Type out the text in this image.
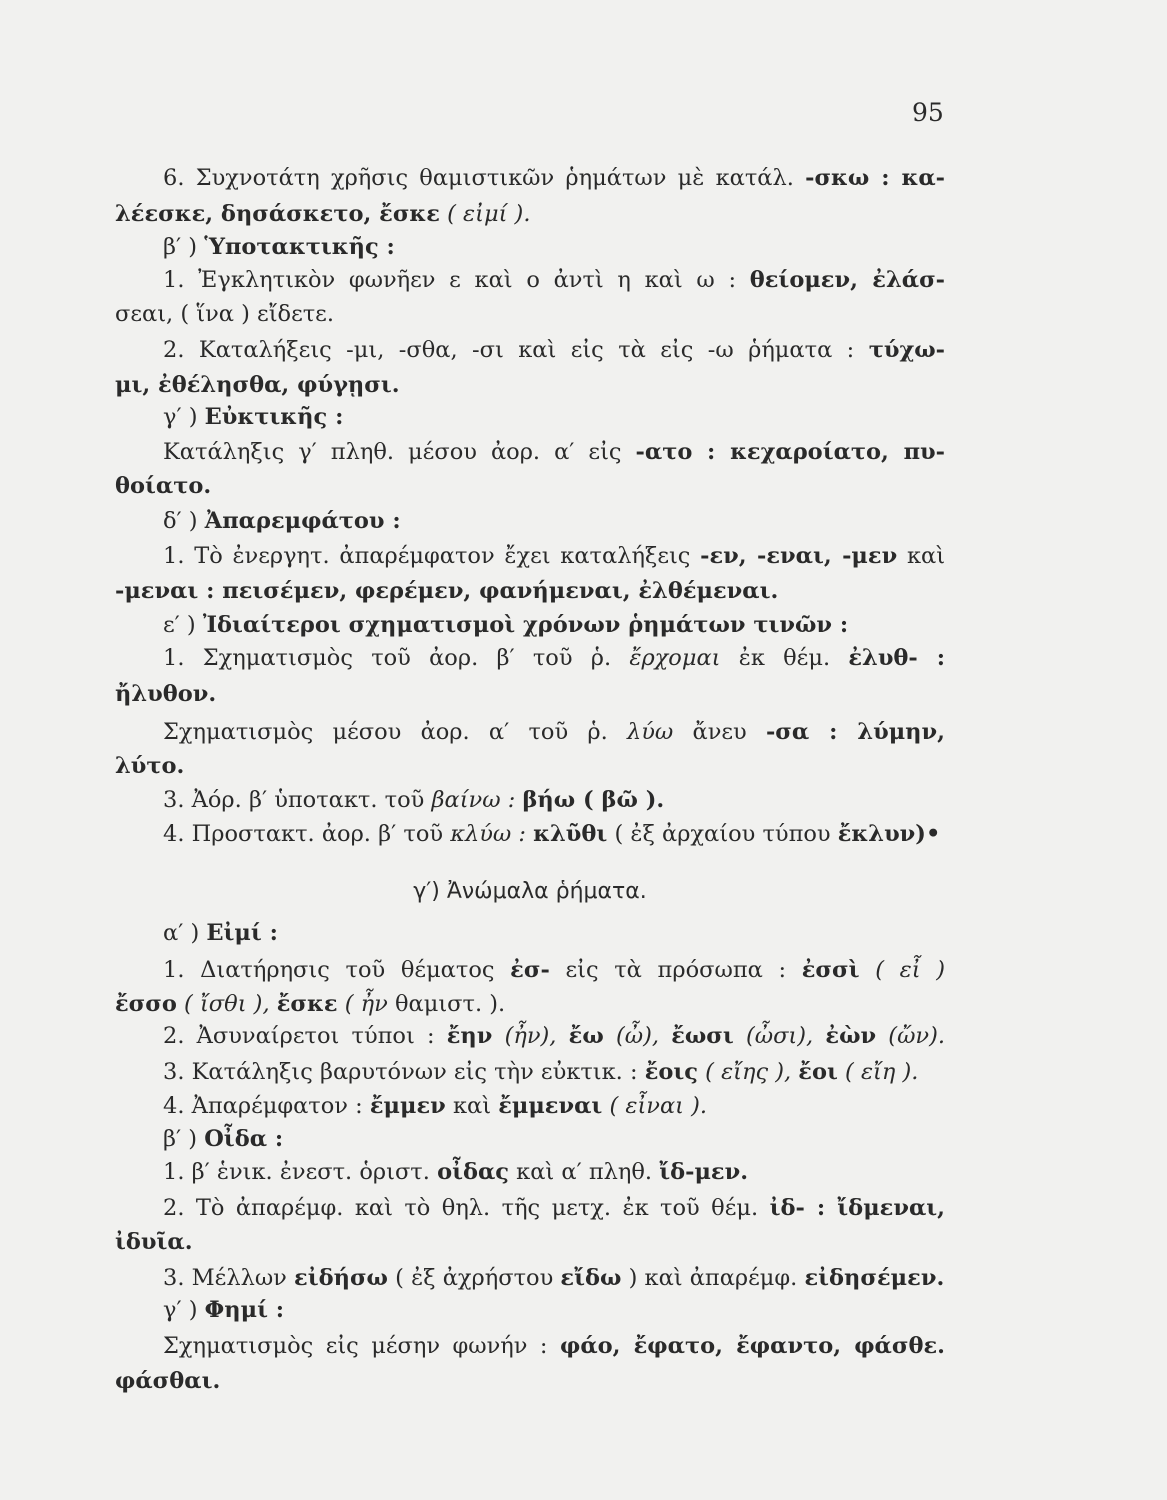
95
6. Συχνοτάτη χρῆσις θαμιστικῶν ῥημάτων μὲ κατάλ. -σκω : κα-
λέεσκε, δησάσκετο, ἔσκε ( εἰμί ).
β′ ) Ὑποτακτικῆς :
1. Ἐγκλητικὸν φωνῆεν ε καὶ ο ἀντὶ η καὶ ω : θείομεν, ἐλάσ-
σεαι, ( ἵνα ) εἴδετε.
2. Καταλήξεις -μι, -σθα, -σι καὶ εἰς τὰ εἰς -ω ῥήματα : τύχω-
μι, ἐθέλησθα, φύγῃσι.
γ′ ) Εὐκτικῆς :
Κατάληξις γ′ πληθ. μέσου ἀορ. α′ εἰς -ατο : κεχαροίατο, πυ-
θοίατο.
δ′ ) Ἀπαρεμφάτου :
1. Τὸ ἐνεργητ. ἀπαρέμφατον ἔχει καταλήξεις -εν, -εναι, -μεν καὶ
-μεναι : πεισέμεν, φερέμεν, φανήμεναι, ἐλθέμεναι.
ε′ ) Ἰδιαίτεροι σχηματισμοὶ χρόνων ῥημάτων τινῶν :
1. Σχηματισμὸς τοῦ ἀορ. β′ τοῦ ῥ. ἔρχομαι ἐκ θέμ. ἐλυθ- :
ἤλυθον.
Σχηματισμὸς μέσου ἀορ. α′ τοῦ ῥ. λύω ἄνευ -σα : λύμην,
λύτο.
3. Ἀόρ. β′ ὑποτακτ. τοῦ βαίνω : βήω ( βῶ ).
4. Προστακτ. ἀορ. β′ τοῦ κλύω : κλῦθι ( ἐξ ἀρχαίου τύπου ἔκλυν)•
γ′) Ἀνώμαλα ῥήματα.
α′ ) Εἰμί :
1. Διατήρησις τοῦ θέματος ἐσ- εἰς τὰ πρόσωπα : ἐσσὶ ( εἶ )
ἔσσο ( ἴσθι ), ἔσκε ( ἦν θαμιστ. ).
2. Ἀσυναίρετοι τύποι : ἔην (ἦν), ἔω (ὦ), ἔωσι (ὦσι), ἐὼν (ὤν).
3. Κατάληξις βαρυτόνων εἰς τὴν εὐκτικ. : ἔοις ( εἴης ), ἔοι ( εἴη ).
4. Ἀπαρέμφατον : ἔμμεν καὶ ἔμμεναι ( εἶναι ).
β′ ) Οἶδα :
1. β′ ἑνικ. ἐνεστ. ὁριστ. οἶδας καὶ α′ πληθ. ἴδ-μεν.
2. Τὸ ἀπαρέμφ. καὶ τὸ θηλ. τῆς μετχ. ἐκ τοῦ θέμ. ἰδ- : ἴδμεναι,
ἰδυῖα.
3. Μέλλων εἰδήσω ( ἐξ ἀχρήστου εἴδω ) καὶ ἀπαρέμφ. εἰδησέμεν.
γ′ ) Φημί :
Σχηματισμὸς εἰς μέσην φωνήν : φάο, ἔφατο, ἔφαντο, φάσθε.
φάσθαι.
